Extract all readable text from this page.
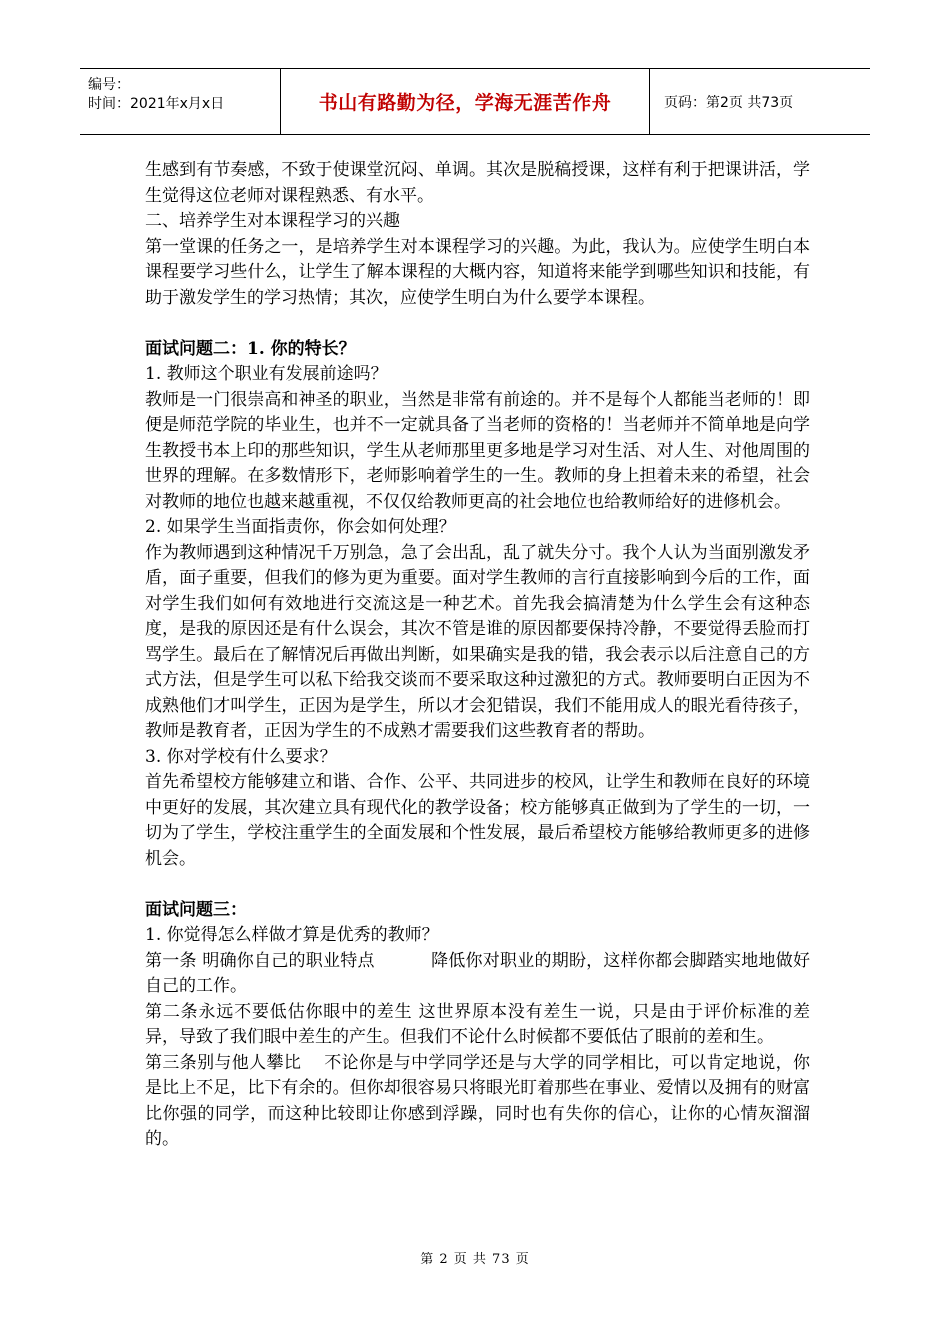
编号：
时间：2021年x月x日	书山有路勤为径，学海无涯苦作舟	页码：第2页 共73页

生感到有节奏感，不致于使课堂沉闷、单调。其次是脱稿授课，这样有利于把课讲活，学生觉得这位老师对课程熟悉、有水平。

二、培养学生对本课程学习的兴趣

第一堂课的任务之一，是培养学生对本课程学习的兴趣。为此，我认为。应使学生明白本课程要学习些什么，让学生了解本课程的大概内容，知道将来能学到哪些知识和技能，有助于激发学生的学习热情；其次，应使学生明白为什么要学本课程。

面试问题二：1. 你的特长？

1. 教师这个职业有发展前途吗？

教师是一门很崇高和神圣的职业，当然是非常有前途的。并不是每个人都能当老师的！即便是师范学院的毕业生，也并不一定就具备了当老师的资格的！当老师并不简单地是向学生教授书本上印的那些知识，学生从老师那里更多地是学习对生活、对人生、对他周围的世界的理解。在多数情形下，老师影响着学生的一生。教师的身上担着未来的希望，社会对教师的地位也越来越重视，不仅仅给教师更高的社会地位也给教师给好的进修机会。

2. 如果学生当面指责你，你会如何处理？

作为教师遇到这种情况千万别急，急了会出乱，乱了就失分寸。我个人认为当面别激发矛盾，面子重要，但我们的修为更为重要。面对学生教师的言行直接影响到今后的工作，面对学生我们如何有效地进行交流这是一种艺术。首先我会搞清楚为什么学生会有这种态度，是我的原因还是有什么误会，其次不管是谁的原因都要保持冷静，不要觉得丢脸而打骂学生。最后在了解情况后再做出判断，如果确实是我的错，我会表示以后注意自己的方式方法，但是学生可以私下给我交谈而不要采取这种过激犯的方式。教师要明白正因为不成熟他们才叫学生，正因为是学生，所以才会犯错误，我们不能用成人的眼光看待孩子，教师是教育者，正因为学生的不成熟才需要我们这些教育者的帮助。

3. 你对学校有什么要求？

首先希望校方能够建立和谐、合作、公平、共同进步的校风，让学生和教师在良好的环境中更好的发展，其次建立具有现代化的教学设备；校方能够真正做到为了学生的一切，一切为了学生，学校注重学生的全面发展和个性发展，最后希望校方能够给教师更多的进修机会。

面试问题三：

1. 你觉得怎么样做才算是优秀的教师？

第一条 明确你自己的职业特点          降低你对职业的期盼，这样你都会脚踏实地地做好自己的工作。

第二条永远不要低估你眼中的差生 这世界原本没有差生一说，只是由于评价标准的差异，导致了我们眼中差生的产生。但我们不论什么时候都不要低估了眼前的差和生。

第三条别与他人攀比    不论你是与中学同学还是与大学的同学相比，可以肯定地说，你是比上不足，比下有余的。但你却很容易只将眼光盯着那些在事业、爱情以及拥有的财富比你强的同学，而这种比较即让你感到浮躁，同时也有失你的信心，让你的心情灰溜溜的。

第 2 页 共 73 页
